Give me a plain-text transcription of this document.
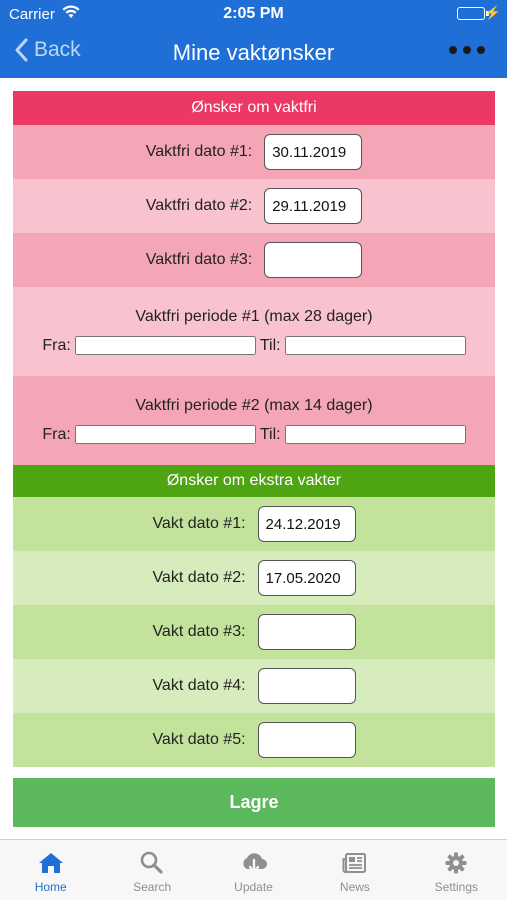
Carrier	2:05 PM	⚡
Back	Mine vaktønsker
Ønsker om vaktfri
Vaktfri dato #1:
30.11.2019
Vaktfri dato #2:
29.11.2019
Vaktfri dato #3:
Vaktfri periode #1 (max 28 dager)
Fra:	Til:
Vaktfri periode #2 (max 14 dager)
Fra:	Til:
Ønsker om ekstra vakter
Vakt dato #1:
24.12.2019
Vakt dato #2:
17.05.2020
Vakt dato #3:
Vakt dato #4:
Vakt dato #5:
Lagre
Home	Search	Update	News	Settings
